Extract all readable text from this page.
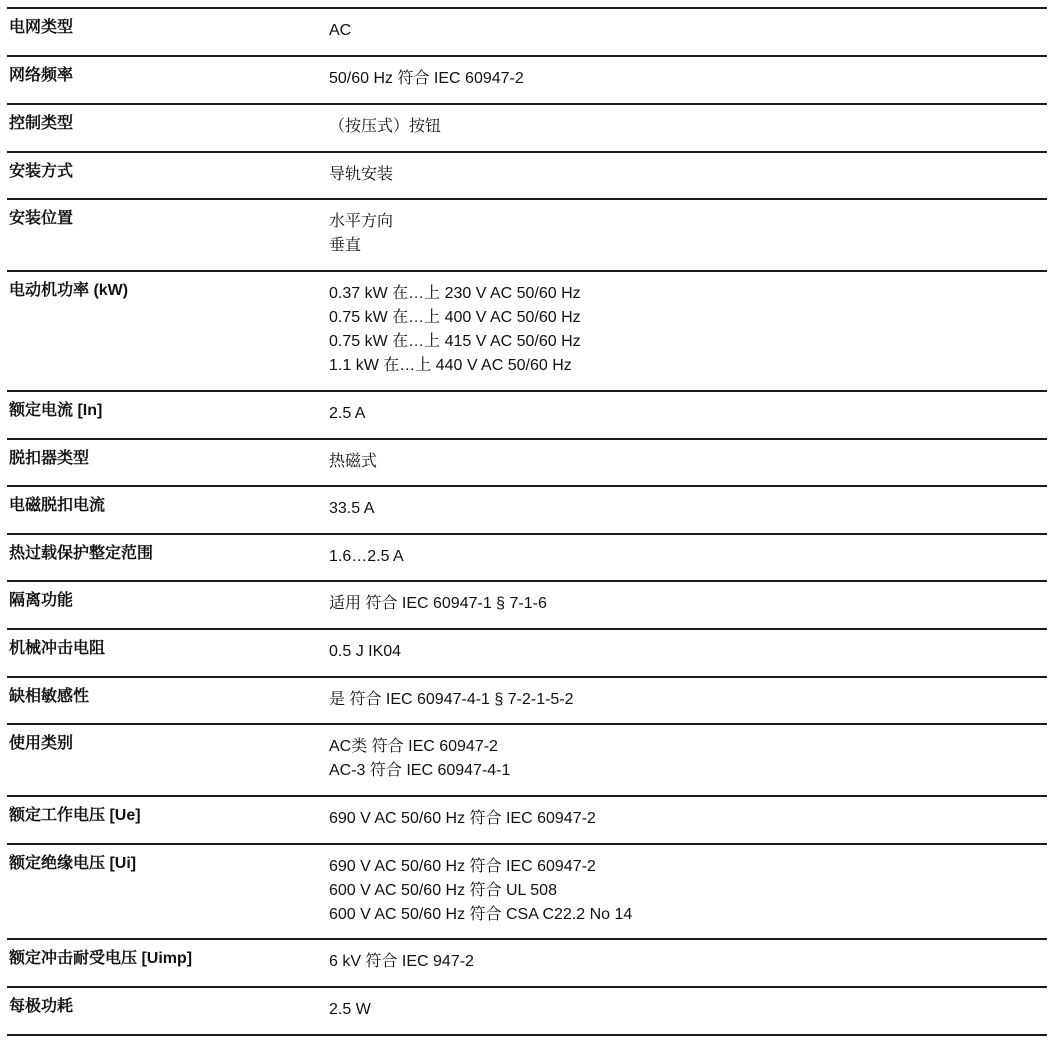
电网类型	AC
网络频率	50/60 Hz 符合 IEC 60947-2
控制类型	（按压式）按钮
安装方式	导轨安装
安装位置	水平方向
垂直
电动机功率 (kW)	0.37 kW 在…上 230 V AC 50/60 Hz
0.75 kW 在…上 400 V AC 50/60 Hz
0.75 kW 在…上 415 V AC 50/60 Hz
1.1 kW 在…上 440 V AC 50/60 Hz
额定电流 [In]	2.5 A
脱扣器类型	热磁式
电磁脱扣电流	33.5 A
热过载保护整定范围	1.6…2.5 A
隔离功能	适用 符合 IEC 60947-1 § 7-1-6
机械冲击电阻	0.5 J IK04
缺相敏感性	是 符合 IEC 60947-4-1 § 7-2-1-5-2
使用类别	AC类 符合 IEC 60947-2
AC-3 符合 IEC 60947-4-1
额定工作电压 [Ue]	690 V AC 50/60 Hz 符合 IEC 60947-2
额定绝缘电压 [Ui]	690 V AC 50/60 Hz 符合 IEC 60947-2
600 V AC 50/60 Hz 符合 UL 508
600 V AC 50/60 Hz 符合 CSA C22.2 No 14
额定冲击耐受电压 [Uimp]	6 kV 符合 IEC 947-2
每极功耗	2.5 W
